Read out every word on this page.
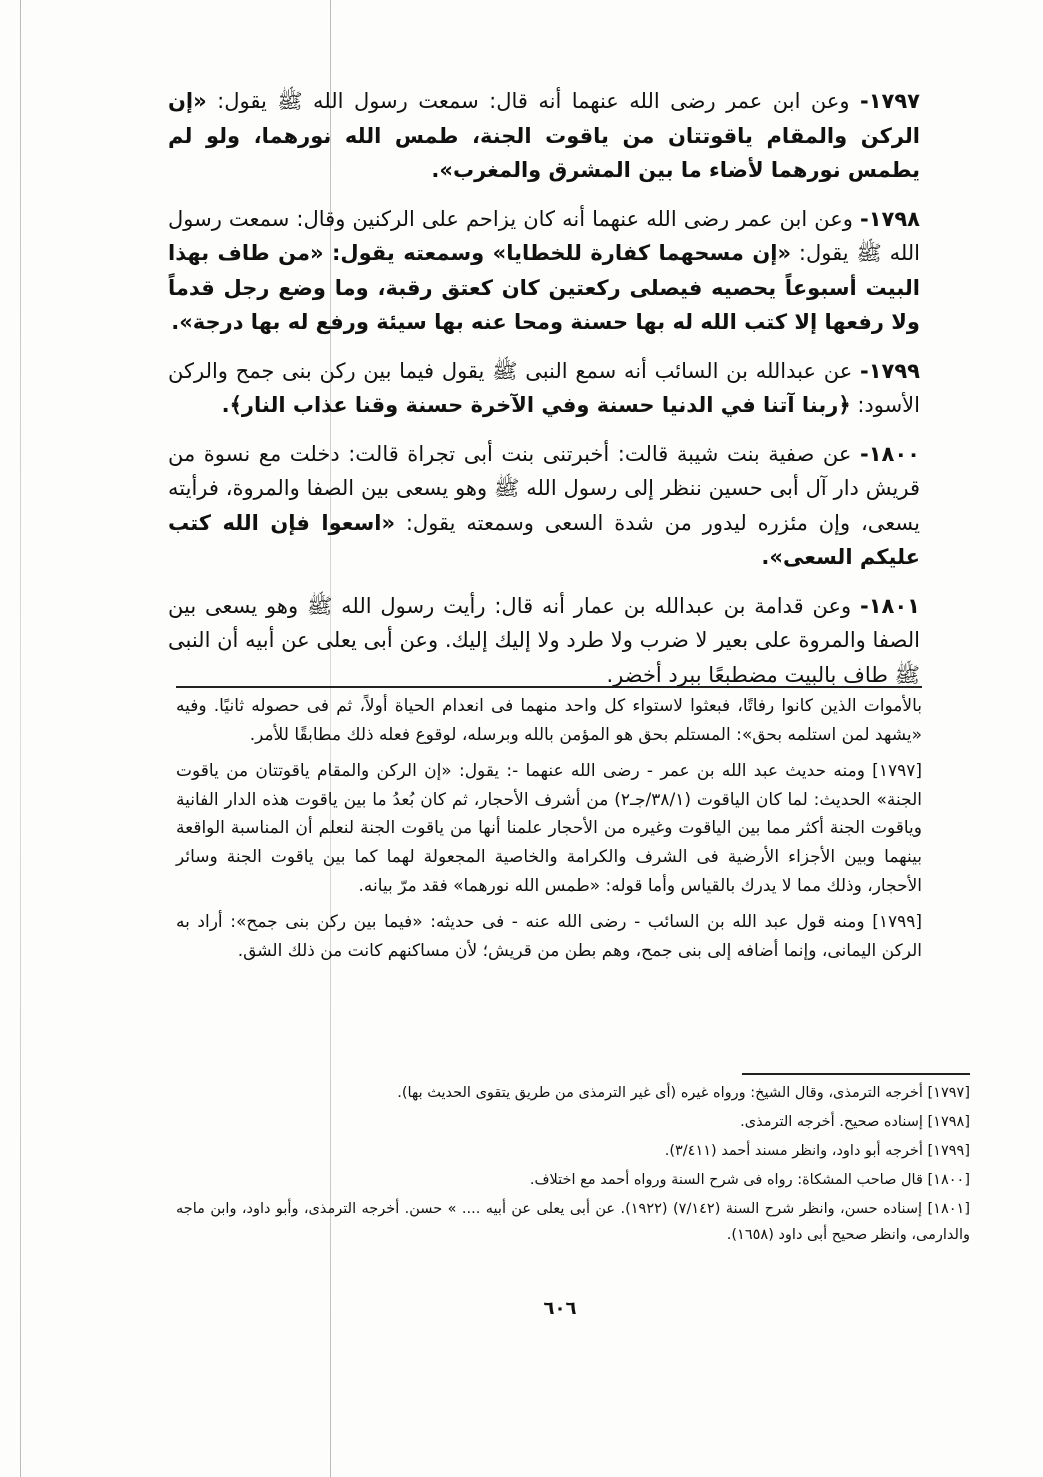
١٧٩٧- وعن ابن عمر رضى الله عنهما أنه قال: سمعت رسول الله ﷺ يقول: «إن الركن والمقام ياقوتتان من ياقوت الجنة، طمس الله نورهما، ولو لم يطمس نورهما لأضاء ما بين المشرق والمغرب».

١٧٩٨- وعن ابن عمر رضى الله عنهما أنه كان يزاحم على الركنين وقال: سمعت رسول الله ﷺ يقول: «إن مسحهما كفارة للخطايا» وسمعته يقول: «من طاف بهذا البيت أسبوعاً يحصيه فيصلى ركعتين كان كعتق رقبة، وما وضع رجل قدماً ولا رفعها إلا كتب الله له بها حسنة ومحا عنه بها سيئة ورفع له بها درجة».

١٧٩٩- عن عبدالله بن السائب أنه سمع النبى ﷺ يقول فيما بين ركن بنى جمح والركن الأسود: ﴿ربنا آتنا في الدنيا حسنة وفي الآخرة حسنة وقنا عذاب النار﴾.

١٨٠٠- عن صفية بنت شيبة قالت: أخبرتنى بنت أبى تجراة قالت: دخلت مع نسوة من قريش دار آل أبى حسين ننظر إلى رسول الله ﷺ وهو يسعى بين الصفا والمروة، فرأيته يسعى، وإن مئزره ليدور من شدة السعى وسمعته يقول: «اسعوا فإن الله كتب عليكم السعى».

١٨٠١- وعن قدامة بن عبدالله بن عمار أنه قال: رأيت رسول الله ﷺ وهو يسعى بين الصفا والمروة على بعير لا ضرب ولا طرد ولا إليك إليك. وعن أبى يعلى عن أبيه أن النبى ﷺ طاف بالبيت مضطبعًا ببرد أخضر.

بالأموات الذين كانوا رفاتًا، فبعثوا لاستواء كل واحد منهما فى انعدام الحياة أولاً، ثم فى حصوله ثانيًا. وفيه «يشهد لمن استلمه بحق»: المستلم بحق هو المؤمن بالله وبرسله، لوقوع فعله ذلك مطابقًا للأمر.

[١٧٩٧] ومنه حديث عبد الله بن عمر - رضى الله عنهما -: يقول: «إن الركن والمقام ياقوتتان من ياقوت الجنة» الحديث: لما كان الياقوت (٣٨/١/جـ٢) من أشرف الأحجار، ثم كان بُعدُ ما بين ياقوت هذه الدار الفانية وياقوت الجنة أكثر مما بين الياقوت وغيره من الأحجار علمنا أنها من ياقوت الجنة لنعلم أن المناسبة الواقعة بينهما وبين الأجزاء الأرضية فى الشرف والكرامة والخاصية المجعولة لهما كما بين ياقوت الجنة وسائر الأحجار، وذلك مما لا يدرك بالقياس وأما قوله: «طمس الله نورهما» فقد مرّ بيانه.

[١٧٩٩] ومنه قول عبد الله بن السائب - رضى الله عنه - فى حديثه: «فيما بين ركن بنى جمح»: أراد به الركن اليمانى، وإنما أضافه إلى بنى جمح، وهم بطن من قريش؛ لأن مساكنهم كانت من ذلك الشق.

[١٧٩٧] أخرجه الترمذى، وقال الشيخ: ورواه غيره (أى غير الترمذى من طريق يتقوى الحديث بها).

[١٧٩٨] إسناده صحيح. أخرجه الترمذى.

[١٧٩٩] أخرجه أبو داود، وانظر مسند أحمد (٣/٤١١).

[١٨٠٠] قال صاحب المشكاة: رواه فى شرح السنة ورواه أحمد مع اختلاف.

[١٨٠١] إسناده حسن، وانظر شرح السنة (٧/١٤٢) (١٩٢٢). عن أبى يعلى عن أبيه .... » حسن. أخرجه الترمذى، وأبو داود، وابن ماجه والدارمى، وانظر صحيح أبى داود (١٦٥٨).

٦٠٦
